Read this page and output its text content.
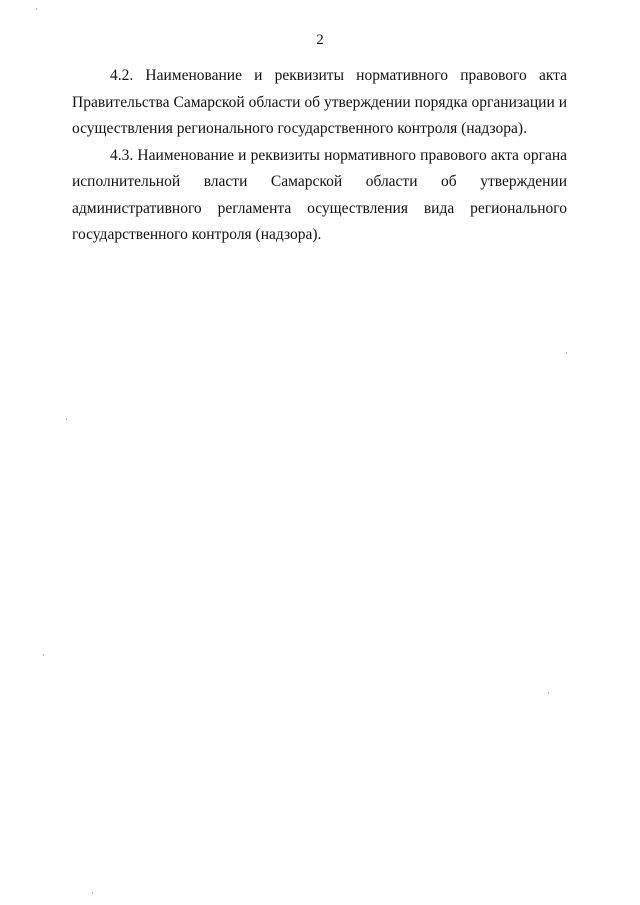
2

4.2. Наименование и реквизиты нормативного правового акта
Правительства Самарской области об утверждении порядка организации и
осуществления регионального государственного контроля (надзора).

4.3. Наименование и реквизиты нормативного правового акта органа
исполнительной власти Самарской области об утверждении
административного регламента осуществления вида регионального
государственного контроля (надзора).
